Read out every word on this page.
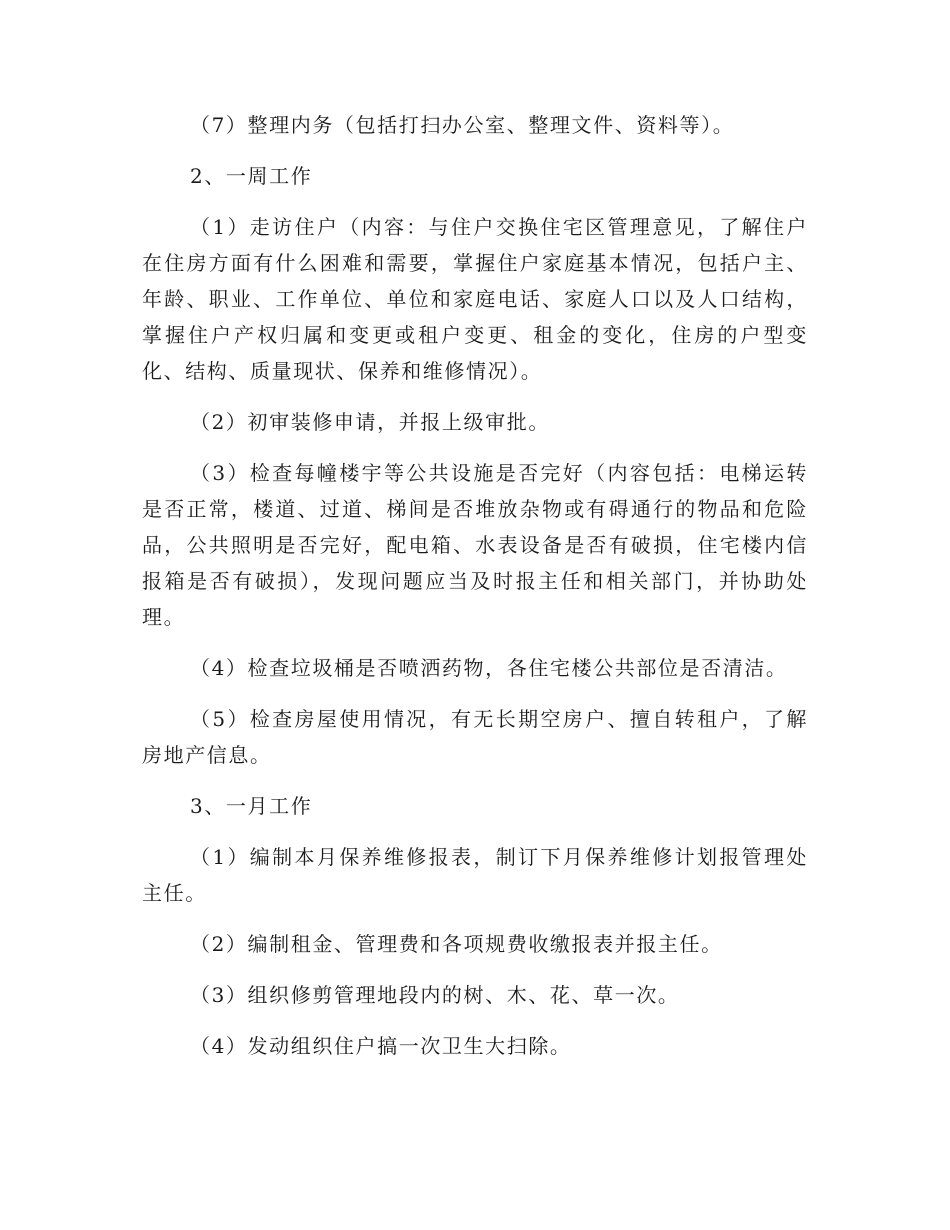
（7）整理内务（包括打扫办公室、整理文件、资料等）。

2、一周工作

（1）走访住户（内容：与住户交换住宅区管理意见，了解住户在住房方面有什么困难和需要，掌握住户家庭基本情况，包括户主、年龄、职业、工作单位、单位和家庭电话、家庭人口以及人口结构，掌握住户产权归属和变更或租户变更、租金的变化，住房的户型变化、结构、质量现状、保养和维修情况）。

（2）初审装修申请，并报上级审批。

（3）检查每幢楼宇等公共设施是否完好（内容包括：电梯运转是否正常，楼道、过道、梯间是否堆放杂物或有碍通行的物品和危险品，公共照明是否完好，配电箱、水表设备是否有破损，住宅楼内信报箱是否有破损），发现问题应当及时报主任和相关部门，并协助处理。

（4）检查垃圾桶是否喷洒药物，各住宅楼公共部位是否清洁。

（5）检查房屋使用情况，有无长期空房户、擅自转租户，了解房地产信息。

3、一月工作

（1）编制本月保养维修报表，制订下月保养维修计划报管理处主任。

（2）编制租金、管理费和各项规费收缴报表并报主任。

（3）组织修剪管理地段内的树、木、花、草一次。

（4）发动组织住户搞一次卫生大扫除。
